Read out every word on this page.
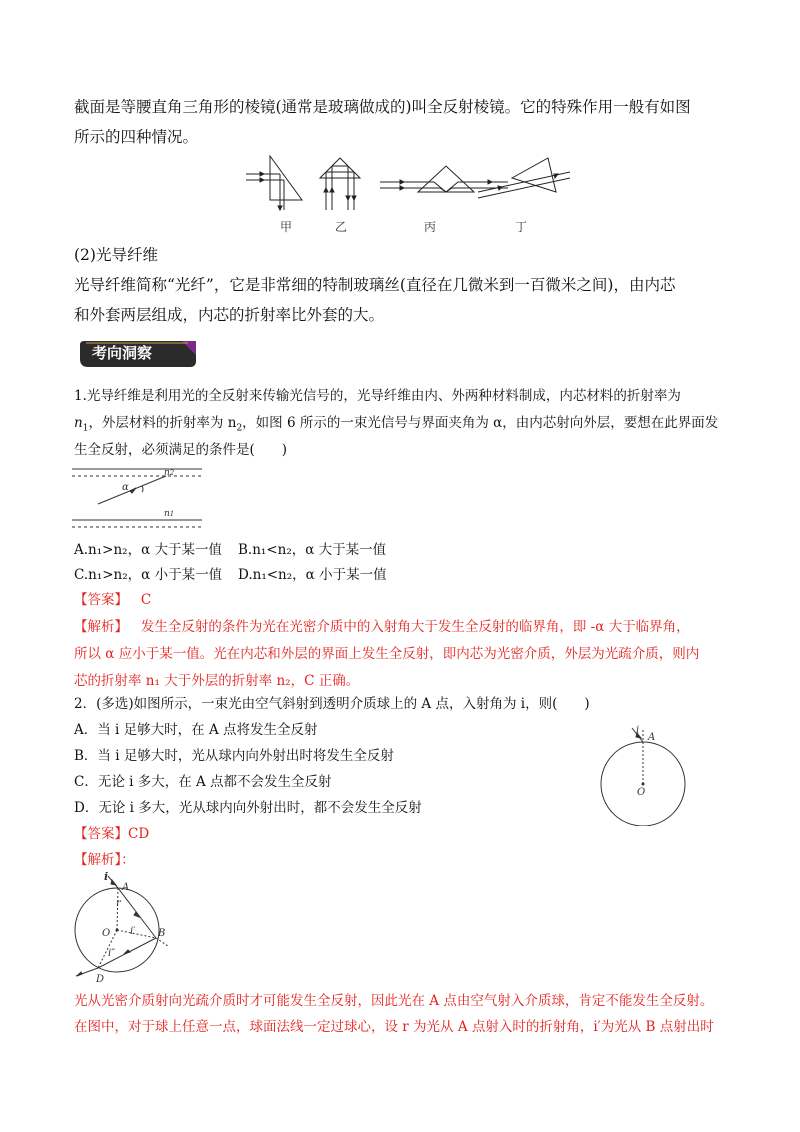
截面是等腰直角三角形的棱镜(通常是玻璃做成的)叫全反射棱镜。它的特殊作用一般有如图

所示的四种情况。

甲	乙	丙	丁

(2)光导纤维

光导纤维简称“光纤”，它是非常细的特制玻璃丝(直径在几微米到一百微米之间)，由内芯

和外套两层组成，内芯的折射率比外套的大。

考向洞察

1.光导纤维是利用光的全反射来传输光信号的，光导纤维由内、外两种材料制成，内芯材料的折射率为

$n_1$，外层材料的折射率为 $n_2$，如图 6 所示的一束光信号与界面夹角为 α，由内芯射向外层，要想在此界面发

生全反射，必须满足的条件是(　　)

n2
n1
α
A.n₁>n₂，α 大于某一值 B.n₁<n₂，α 大于某一值
C.n₁>n₂，α 小于某一值 D.n₁<n₂，α 小于某一值

【答案】 C

【解析】 发生全反射的条件为光在光密介质中的入射角大于发生全反射的临界角，即 -α 大于临界角，

所以 α 应小于某一值。光在内芯和外层的界面上发生全反射，即内芯为光密介质，外层为光疏介质，则内

芯的折射率 n₁ 大于外层的折射率 n₂，C 正确。

2．(多选)如图所示，一束光由空气斜射到透明介质球上的 A 点，入射角为 i，则(　　)

A．当 i 足够大时，在 A 点将发生全反射

B．当 i 足够大时，光从球内向外射出时将发生全反射

C．无论 i 多大，在 A 点都不会发生全反射

D．无论 i 多大，光从球内向外射出时，都不会发生全反射

A
O
i

【答案】CD

【解析】：

i
A
r
O i′
i″
B
D

光从光密介质射向光疏介质时才可能发生全反射，因此光在 A 点由空气射入介质球，肯定不能发生全反射。

在图中，对于球上任意一点，球面法线一定过球心，设 r 为光从 A 点射入时的折射角，i′为光从 B 点射出时
